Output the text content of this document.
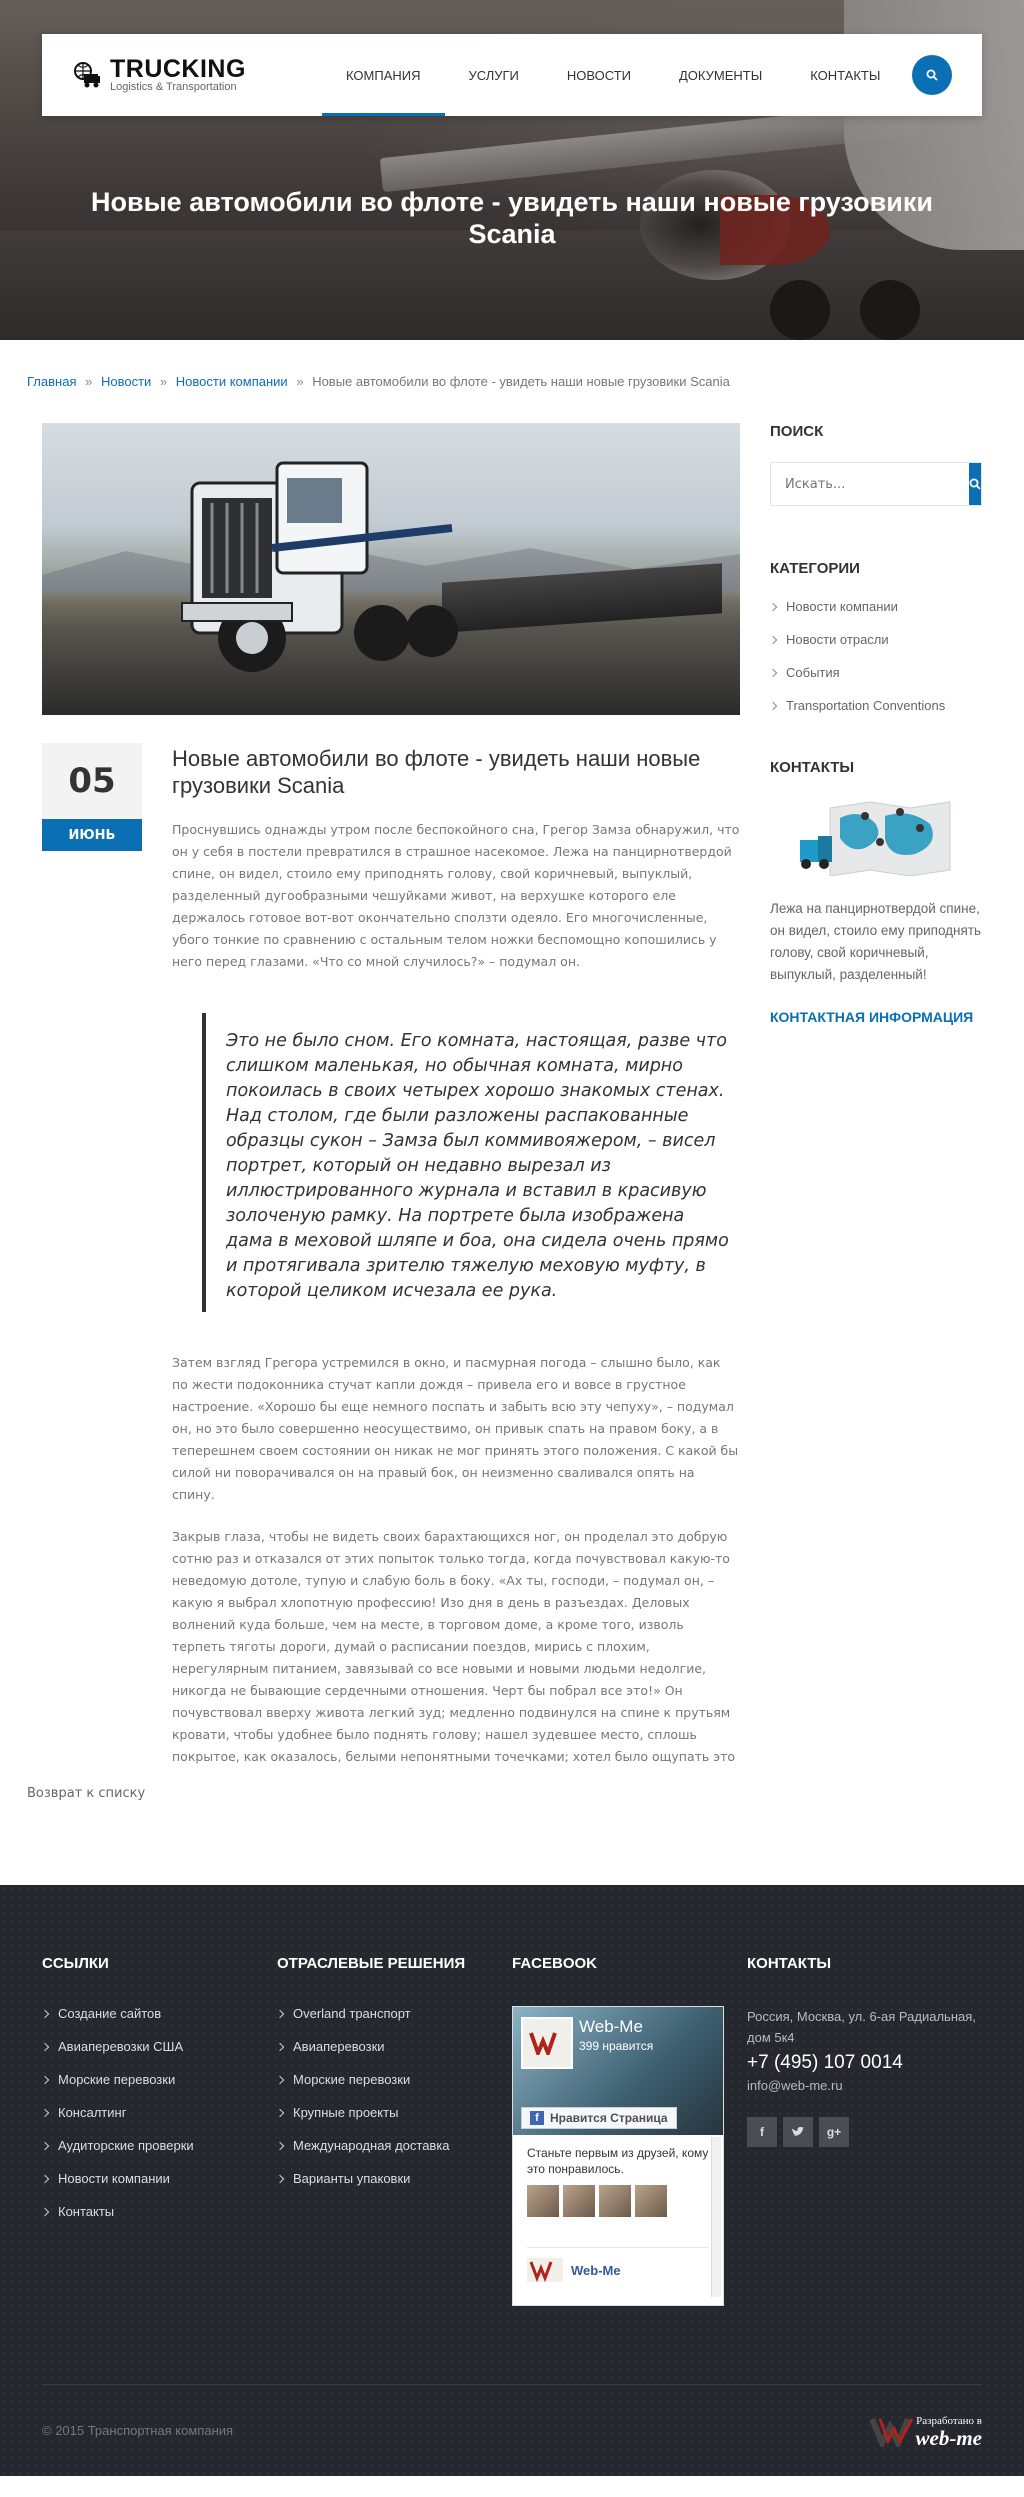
TRUCKING
Logistics & Transportation
КОМПАНИЯ	УСЛУГИ	НОВОСТИ	ДОКУМЕНТЫ	КОНТАКТЫ
Новые автомобили во флоте - увидеть наши новые грузовики Scania
Главная » Новости » Новости компании » Новые автомобили во флоте - увидеть наши новые грузовики Scania
05
ИЮНЬ
Новые автомобили во флоте - увидеть наши новые грузовики Scania

Проснувшись однажды утром после беспокойного сна, Грегор Замза обнаружил, что он у себя в постели превратился в страшное насекомое. Лежа на панцирнотвердой спине, он видел, стоило ему приподнять голову, свой коричневый, выпуклый, разделенный дугообразными чешуйками живот, на верхушке которого еле держалось готовое вот-вот окончательно сползти одеяло. Его многочисленные, убого тонкие по сравнению с остальным телом ножки беспомощно копошились у него перед глазами. «Что со мной случилось?» – подумал он.

Это не было сном. Его комната, настоящая, разве что слишком маленькая, но обычная комната, мирно покоилась в своих четырех хорошо знакомых стенах. Над столом, где были разложены распакованные образцы сукон – Замза был коммивояжером, – висел портрет, который он недавно вырезал из иллюстрированного журнала и вставил в красивую золоченую рамку. На портрете была изображена дама в меховой шляпе и боа, она сидела очень прямо и протягивала зрителю тяжелую меховую муфту, в которой целиком исчезала ее рука.

Затем взгляд Грегора устремился в окно, и пасмурная погода – слышно было, как по жести подоконника стучат капли дождя – привела его и вовсе в грустное настроение. «Хорошо бы еще немного поспать и забыть всю эту чепуху», – подумал он, но это было совершенно неосуществимо, он привык спать на правом боку, а в теперешнем своем состоянии он никак не мог принять этого положения. С какой бы силой ни поворачивался он на правый бок, он неизменно сваливался опять на спину.

Закрыв глаза, чтобы не видеть своих барахтающихся ног, он проделал это добрую сотню раз и отказался от этих попыток только тогда, когда почувствовал какую-то неведомую дотоле, тупую и слабую боль в боку. «Ах ты, господи, – подумал он, – какую я выбрал хлопотную профессию! Изо дня в день в разъездах. Деловых волнений куда больше, чем на месте, в торговом доме, а кроме того, изволь терпеть тяготы дороги, думай о расписании поездов, мирись с плохим, нерегулярным питанием, завязывай со все новыми и новыми людьми недолгие, никогда не бывающие сердечными отношения. Черт бы побрал все это!» Он почувствовал вверху живота легкий зуд; медленно подвинулся на спине к прутьям кровати, чтобы удобнее было поднять голову; нашел зудевшее место, сплошь покрытое, как оказалось, белыми непонятными точечками; хотел было ощупать это

ПОИСК
Искать...
КАТЕГОРИИ
Новости компании
Новости отрасли
События
Transportation Conventions
КОНТАКТЫ

Лежа на панцирнотвердой спине, он видел, стоило ему приподнять голову, свой коричневый, выпуклый, разделенный!

КОНТАКТНАЯ ИНФОРМАЦИЯ
Возврат к списку
ССЫЛКИ
Создание сайтов
Авиаперевозки США
Морские перевозки
Консалтинг
Аудиторские проверки
Новости компании
Контакты
ОТРАСЛЕВЫЕ РЕШЕНИЯ
Overland транспорт
Авиаперевозки
Морские перевозки
Крупные проекты
Международная доставка
Варианты упаковки
FACEBOOK
Web-Me
399 нравится
f Нравится Страница
Станьте первым из друзей, кому это понравилось.
Web-Me
КОНТАКТЫ
Россия, Москва, ул. 6-ая Радиальная, дом 5к4
+7 (495) 107 0014
info@web-me.ru
f	g+
© 2015 Транспортная компания
Разработано в
web-me
